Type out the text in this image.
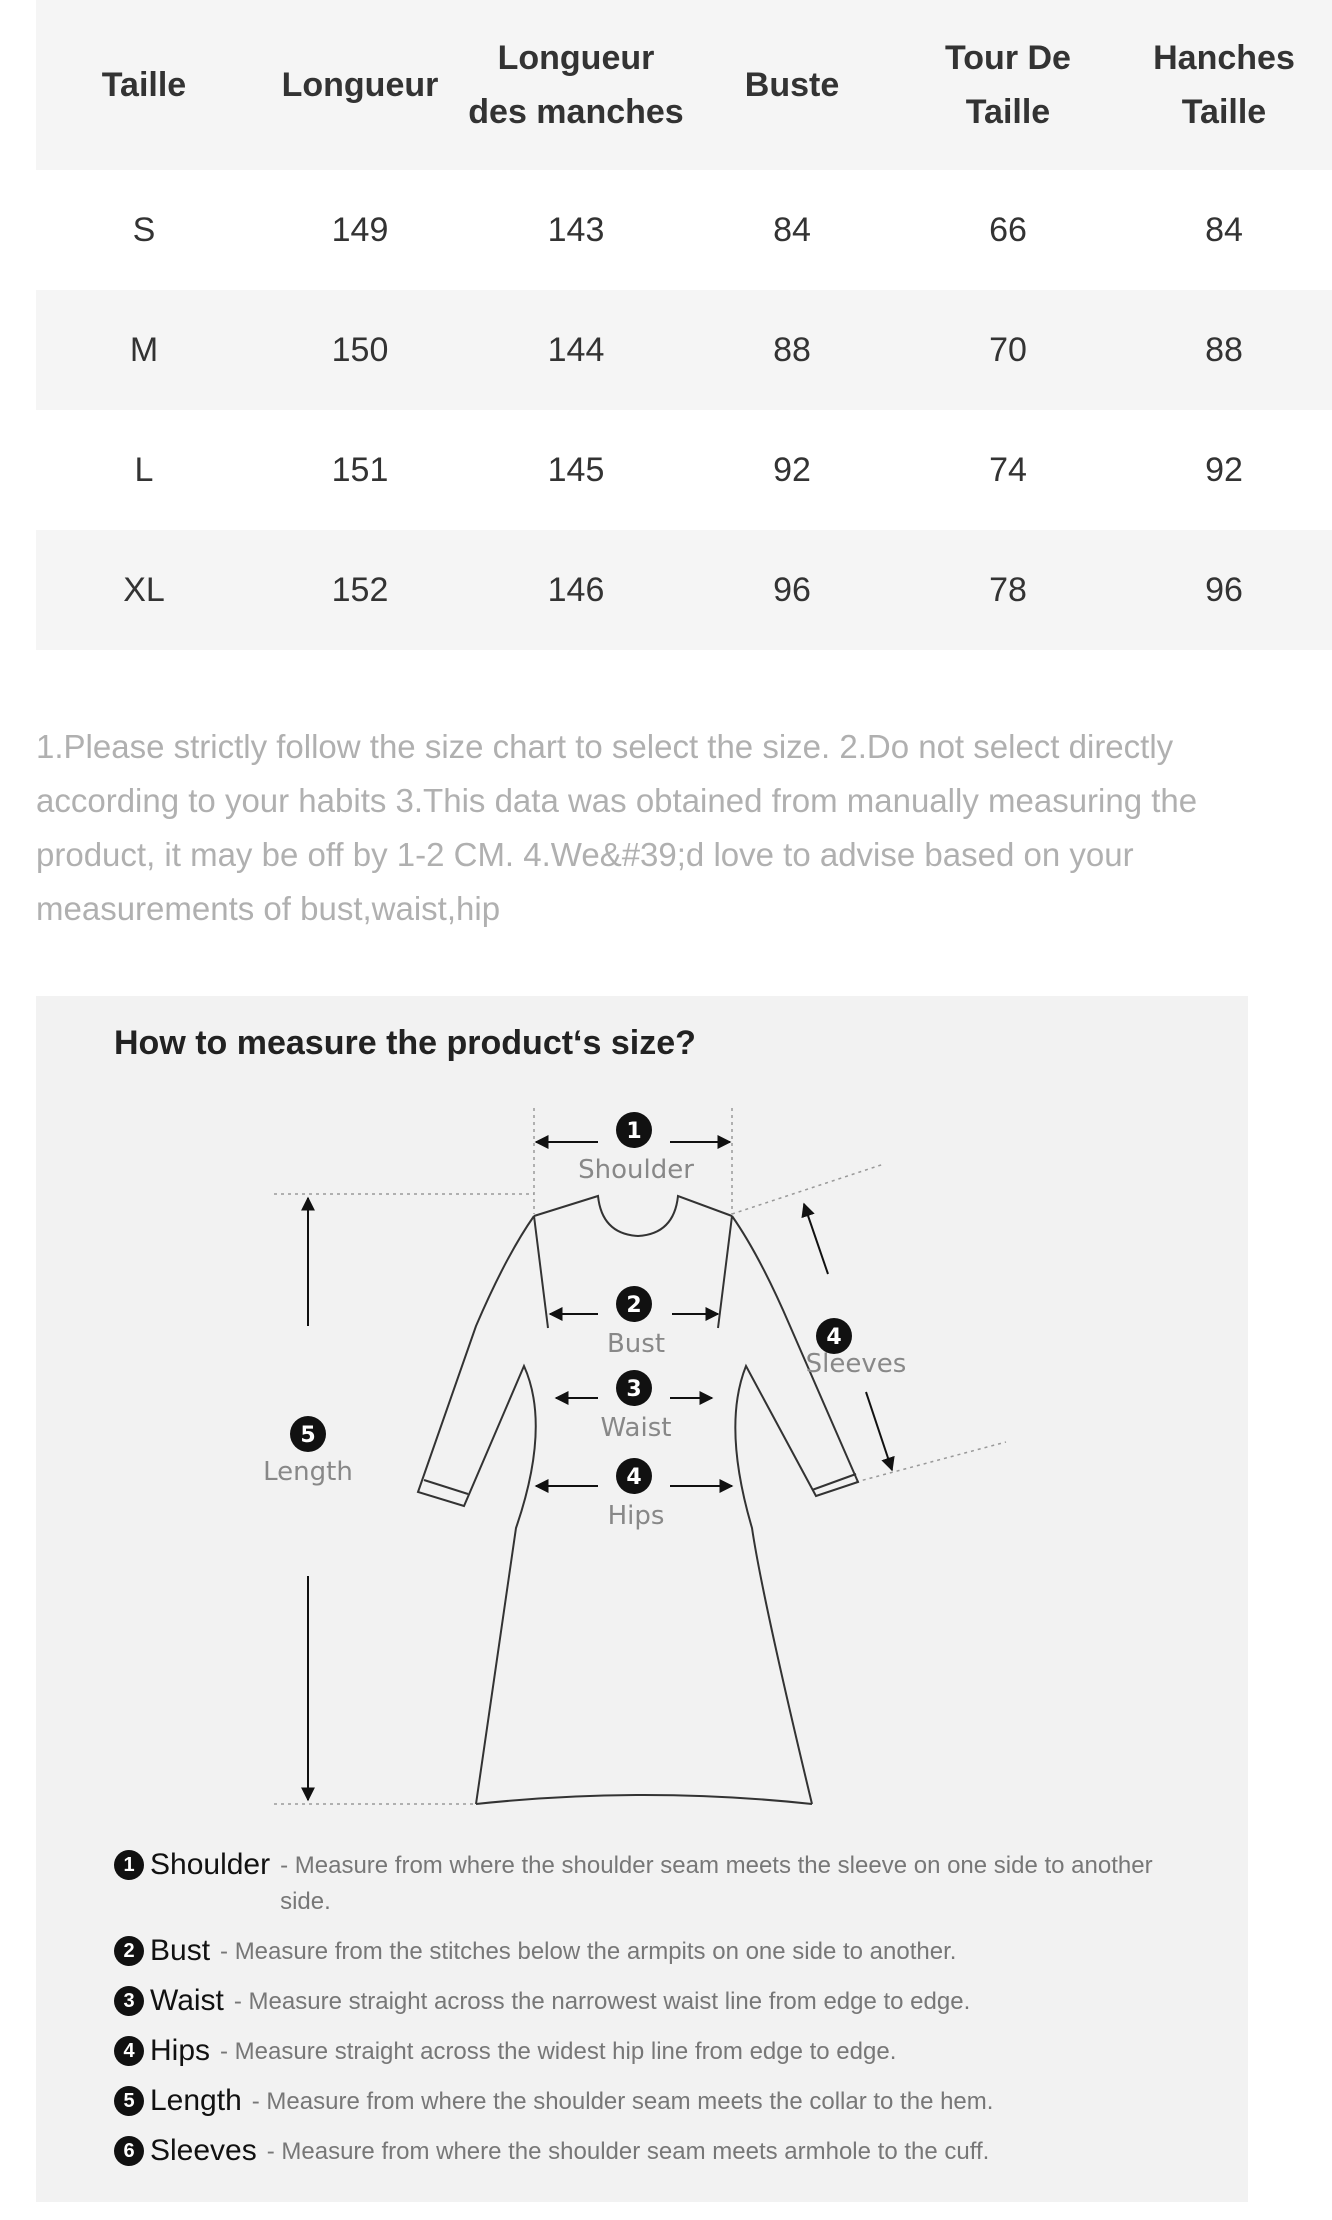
Taille	Longueur	Longueur des manches	Buste	Tour De Taille	Hanches Taille
S	149	143	84	66	84
M	150	144	88	70	88
L	151	145	92	74	92
XL	152	146	96	78	96
1.Please strictly follow the size chart to select the size. 2.Do not select directly according to your habits 3.This data was obtained from manually measuring the product, it may be off by 1-2 CM. 4.We&#39;d love to advise based on your measurements of bust,waist,hip
How to measure the product‘s size?
1
2
3
4
4
5
Shoulder
Bust
Waist
Hips
Sleeves
Length
1 Shoulder - Measure from where the shoulder seam meets the sleeve on one side to another side.
2 Bust - Measure from the stitches below the armpits on one side to another.
3 Waist - Measure straight across the narrowest waist line from edge to edge.
4 Hips - Measure straight across the widest hip line from edge to edge.
5 Length - Measure from where the shoulder seam meets the collar to the hem.
6 Sleeves - Measure from where the shoulder seam meets armhole to the cuff.
